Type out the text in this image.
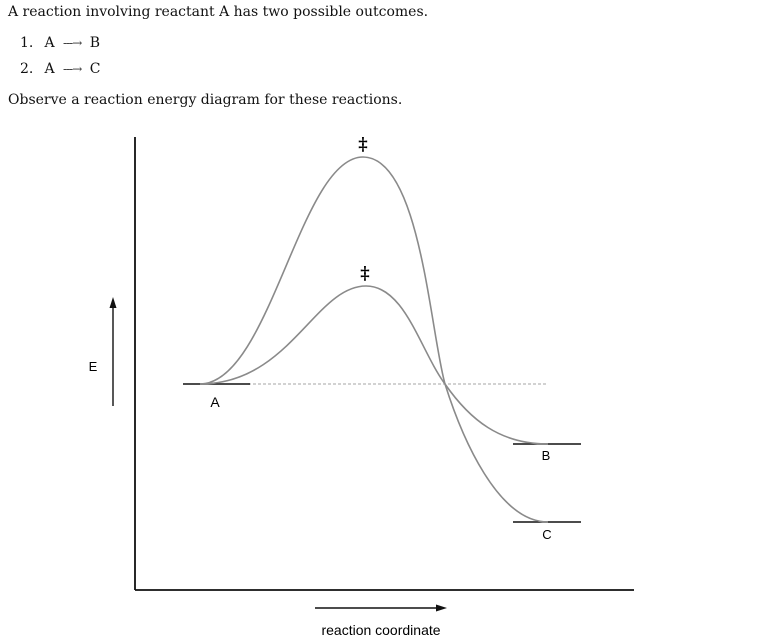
A reaction involving reactant A has two possible outcomes.
1. A ---→ B
2. A ---→ C
Observe a reaction energy diagram for these reactions.
E
reaction coordinate
‡
‡
A
B
C
